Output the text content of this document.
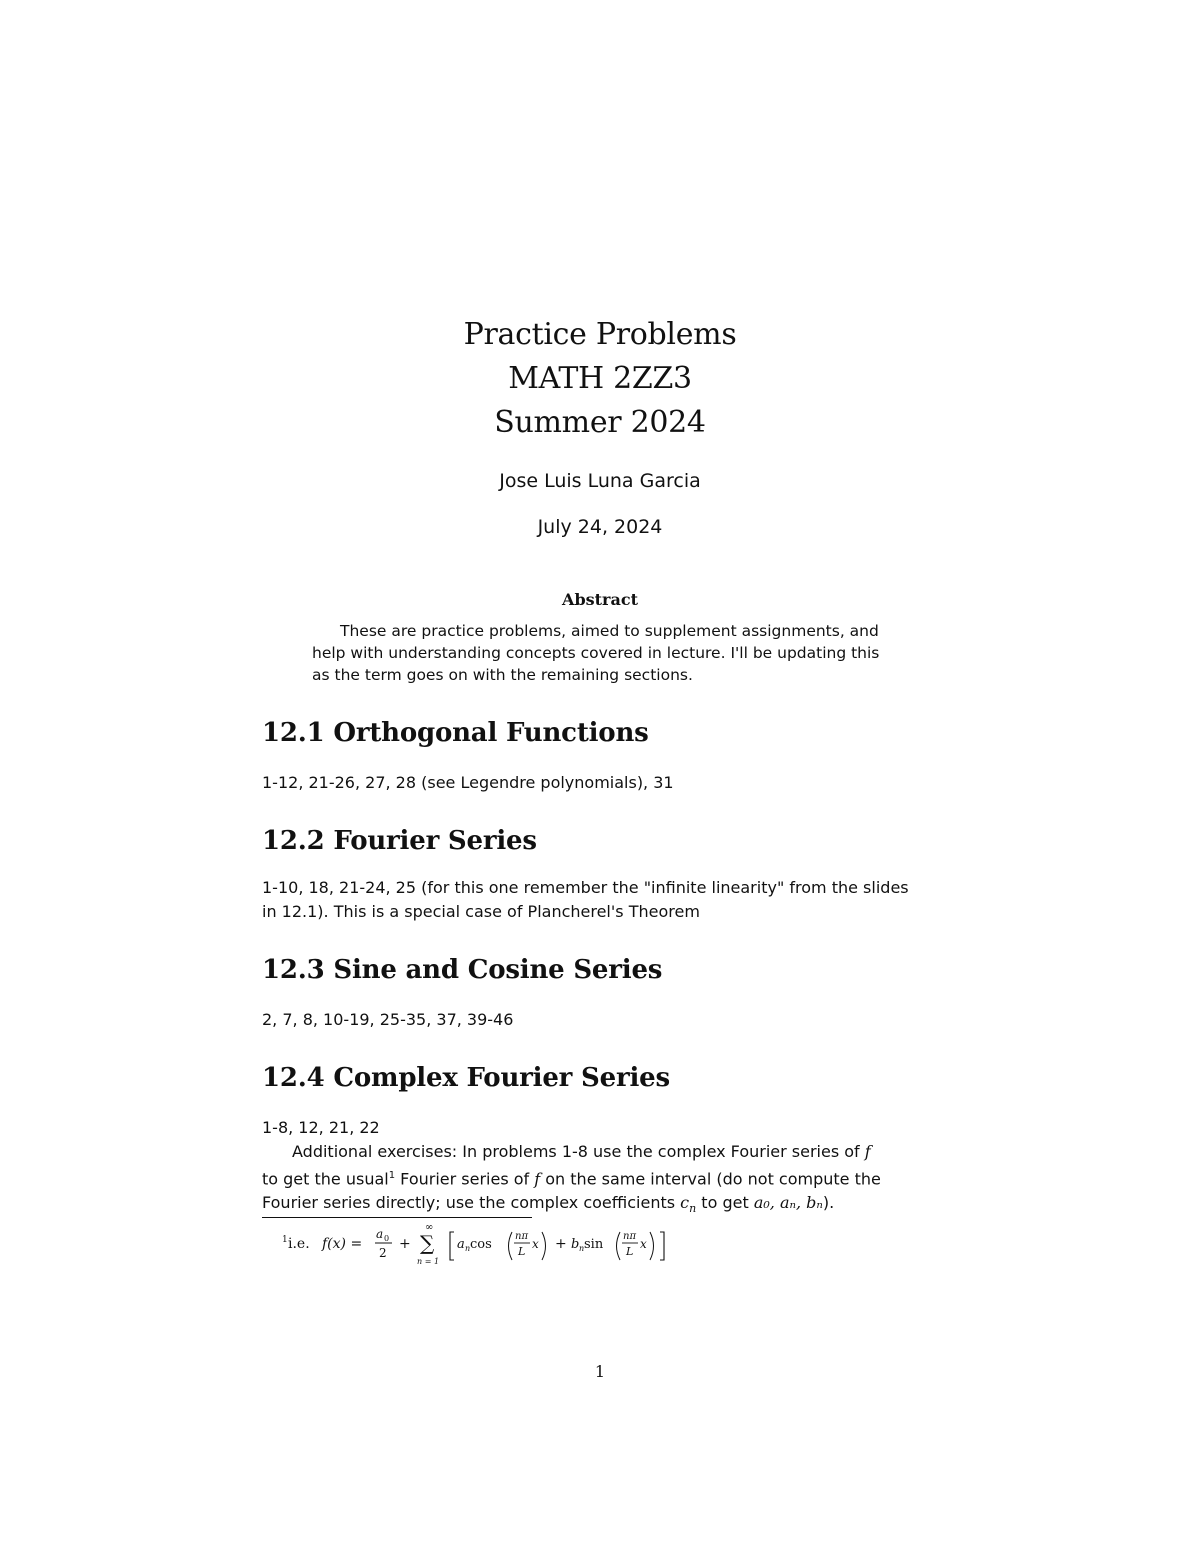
Practice Problems
MATH 2ZZ3
Summer 2024
Jose Luis Luna Garcia
July 24, 2024
Abstract
These are practice problems, aimed to supplement assignments, and
help with understanding concepts covered in lecture. I'll be updating this
as the term goes on with the remaining sections.
12.1 Orthogonal Functions
1-12, 21-26, 27, 28 (see Legendre polynomials), 31
12.2 Fourier Series
1-10, 18, 21-24, 25 (for this one remember the "infinite linearity" from the slides
in 12.1). This is a special case of Plancherel's Theorem
12.3 Sine and Cosine Series
2, 7, 8, 10-19, 25-35, 37, 39-46
12.4 Complex Fourier Series
1-8, 12, 21, 22
Additional exercises: In problems 1-8 use the complex Fourier series of f
to get the usual$^1$ Fourier series of f on the same interval (do not compute the
Fourier series directly; use the complex coefficients $c_n$ to get a₀, aₙ, bₙ).
1 i.e. f(x) =
a 0
2
+
∞
∑
n = 1
a n cos
nπ
L
x + b n sin
nπ
L
x
1
